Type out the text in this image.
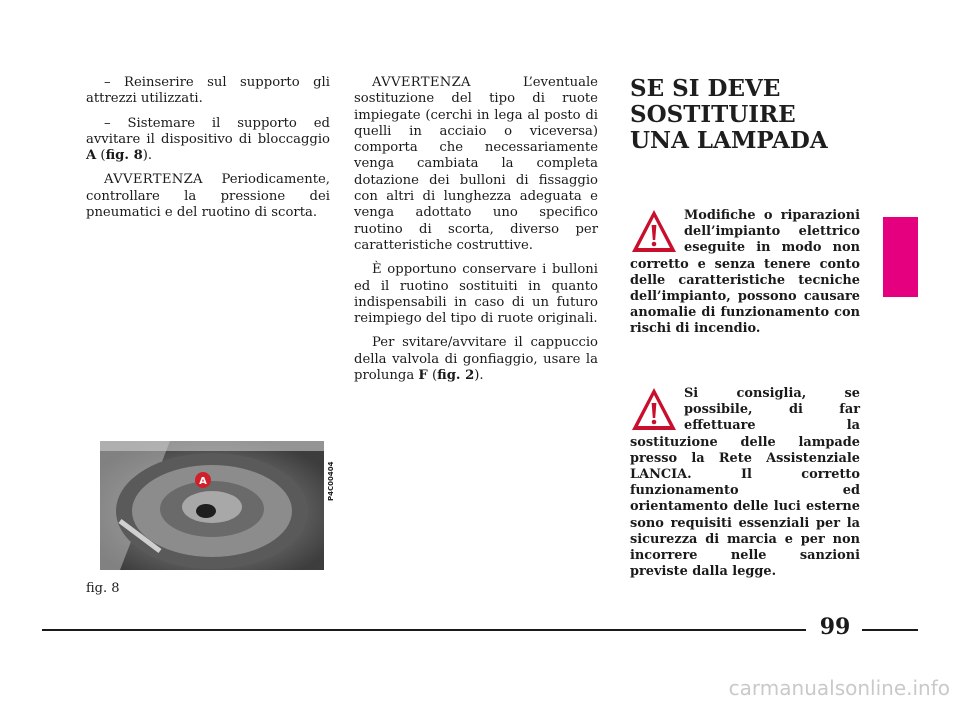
– Reinserire sul supporto gli attrezzi utilizzati.

– Sistemare il supporto ed avvitare il dispositivo di bloccaggio A (fig. 8).

AVVERTENZA Periodicamente, controllare la pressione dei pneumatici e del ruotino di scorta.

AVVERTENZA L’eventuale sostituzione del tipo di ruote impiegate (cerchi in lega al posto di quelli in acciaio o viceversa) comporta che necessariamente venga cambiata la completa dotazione dei bulloni di fissaggio con altri di lunghezza adeguata e venga adottato uno specifico ruotino di scorta, diverso per caratteristiche costruttive.

È opportuno conservare i bulloni ed il ruotino sostituiti in quanto indispensabili in caso di un futuro reimpiego del tipo di ruote originali.

Per svitare/avvitare il cappuccio della valvola di gonfiaggio, usare la prolunga F (fig. 2).

SE SI DEVE
SOSTITUIRE
UNA LAMPADA

Modifiche o riparazioni dell’impianto elettrico eseguite in modo non corretto e senza tenere conto delle caratteristiche tecniche dell’impianto, possono causare anomalie di funzionamento con rischi di incendio.

Si consiglia, se possibile, di far effettuare la sostituzione delle lampade presso la Rete Assistenziale LANCIA. Il corretto funzionamento ed orientamento delle luci esterne sono requisiti essenziali per la sicurezza di marcia e per non incorrere nelle sanzioni previste dalla legge.

A	P4C00404
fig. 8
99
carmanualsonline.info
